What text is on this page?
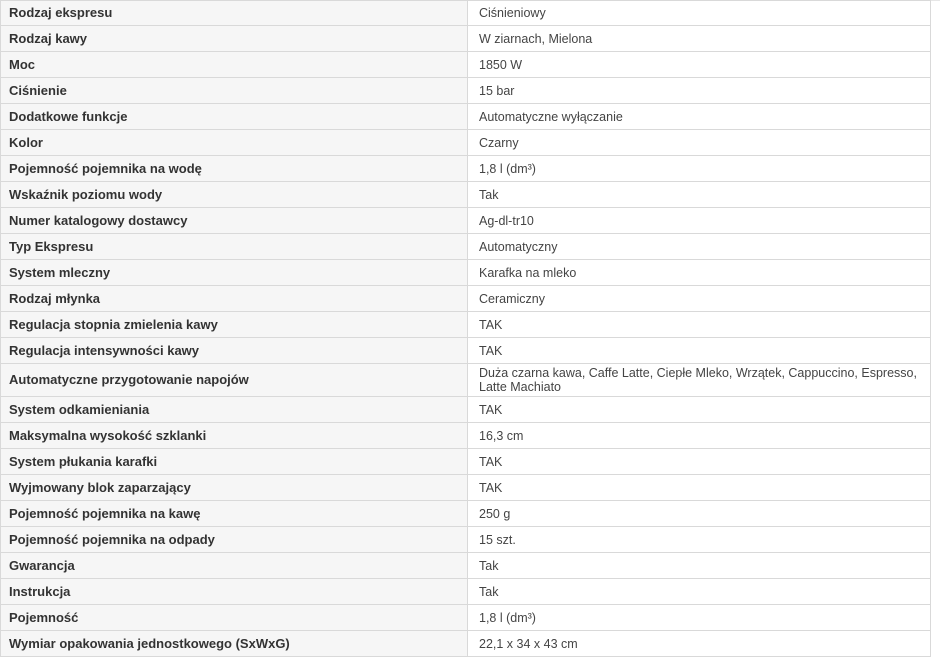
Rodzaj ekspresu	Ciśnieniowy
Rodzaj kawy	W ziarnach, Mielona
Moc	1850 W
Ciśnienie	15 bar
Dodatkowe funkcje	Automatyczne wyłączanie
Kolor	Czarny
Pojemność pojemnika na wodę	1,8 l (dm³)
Wskaźnik poziomu wody	Tak
Numer katalogowy dostawcy	Ag-dl-tr10
Typ Ekspresu	Automatyczny
System mleczny	Karafka na mleko
Rodzaj młynka	Ceramiczny
Regulacja stopnia zmielenia kawy	TAK
Regulacja intensywności kawy	TAK
Automatyczne przygotowanie napojów	Duża czarna kawa, Caffe Latte, Ciepłe Mleko, Wrzątek, Cappuccino, Espresso, Latte Machiato
System odkamieniania	TAK
Maksymalna wysokość szklanki	16,3 cm
System płukania karafki	TAK
Wyjmowany blok zaparzający	TAK
Pojemność pojemnika na kawę	250 g
Pojemność pojemnika na odpady	15 szt.
Gwarancja	Tak
Instrukcja	Tak
Pojemność	1,8 l (dm³)
Wymiar opakowania jednostkowego (SxWxG)	22,1 x 34 x 43 cm
